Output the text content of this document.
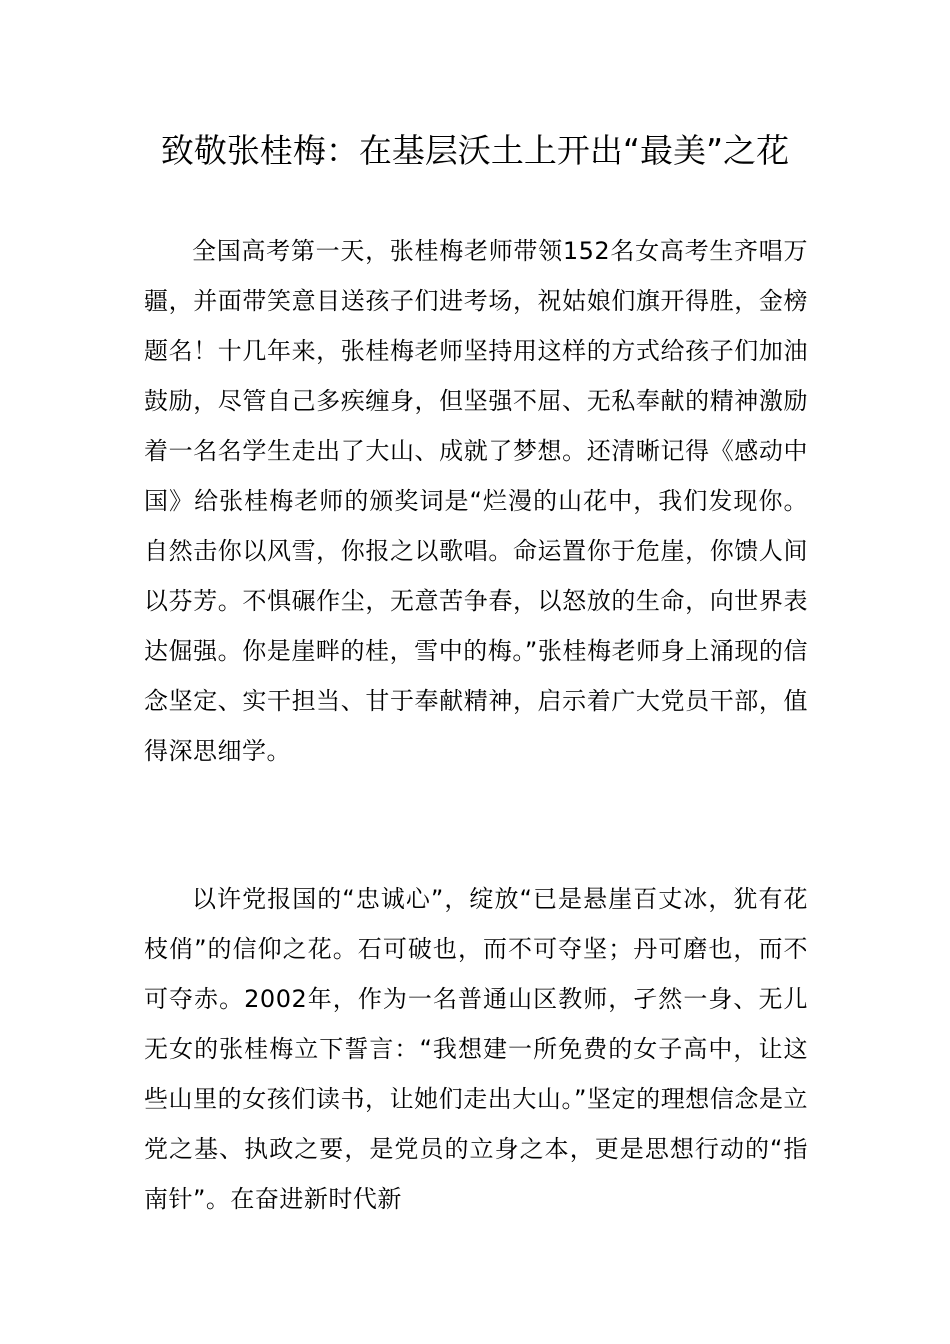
致敬张桂梅：在基层沃土上开出“最美”之花

全国高考第一天，张桂梅老师带领152名女高考生齐唱万疆，并面带笑意目送孩子们进考场，祝姑娘们旗开得胜，金榜题名！十几年来，张桂梅老师坚持用这样的方式给孩子们加油鼓励，尽管自己多疾缠身，但坚强不屈、无私奉献的精神激励着一名名学生走出了大山、成就了梦想。还清晰记得《感动中国》给张桂梅老师的颁奖词是“烂漫的山花中，我们发现你。自然击你以风雪，你报之以歌唱。命运置你于危崖，你馈人间以芬芳。不惧碾作尘，无意苦争春，以怒放的生命，向世界表达倔强。你是崖畔的桂，雪中的梅。”张桂梅老师身上涌现的信念坚定、实干担当、甘于奉献精神，启示着广大党员干部，值得深思细学。

以许党报国的“忠诚心”，绽放“已是悬崖百丈冰，犹有花枝俏”的信仰之花。石可破也，而不可夺坚；丹可磨也，而不可夺赤。2002年，作为一名普通山区教师，孑然一身、无儿无女的张桂梅立下誓言：“我想建一所免费的女子高中，让这些山里的女孩们读书，让她们走出大山。”坚定的理想信念是立党之基、执政之要，是党员的立身之本，更是思想行动的“指南针”。在奋进新时代新
